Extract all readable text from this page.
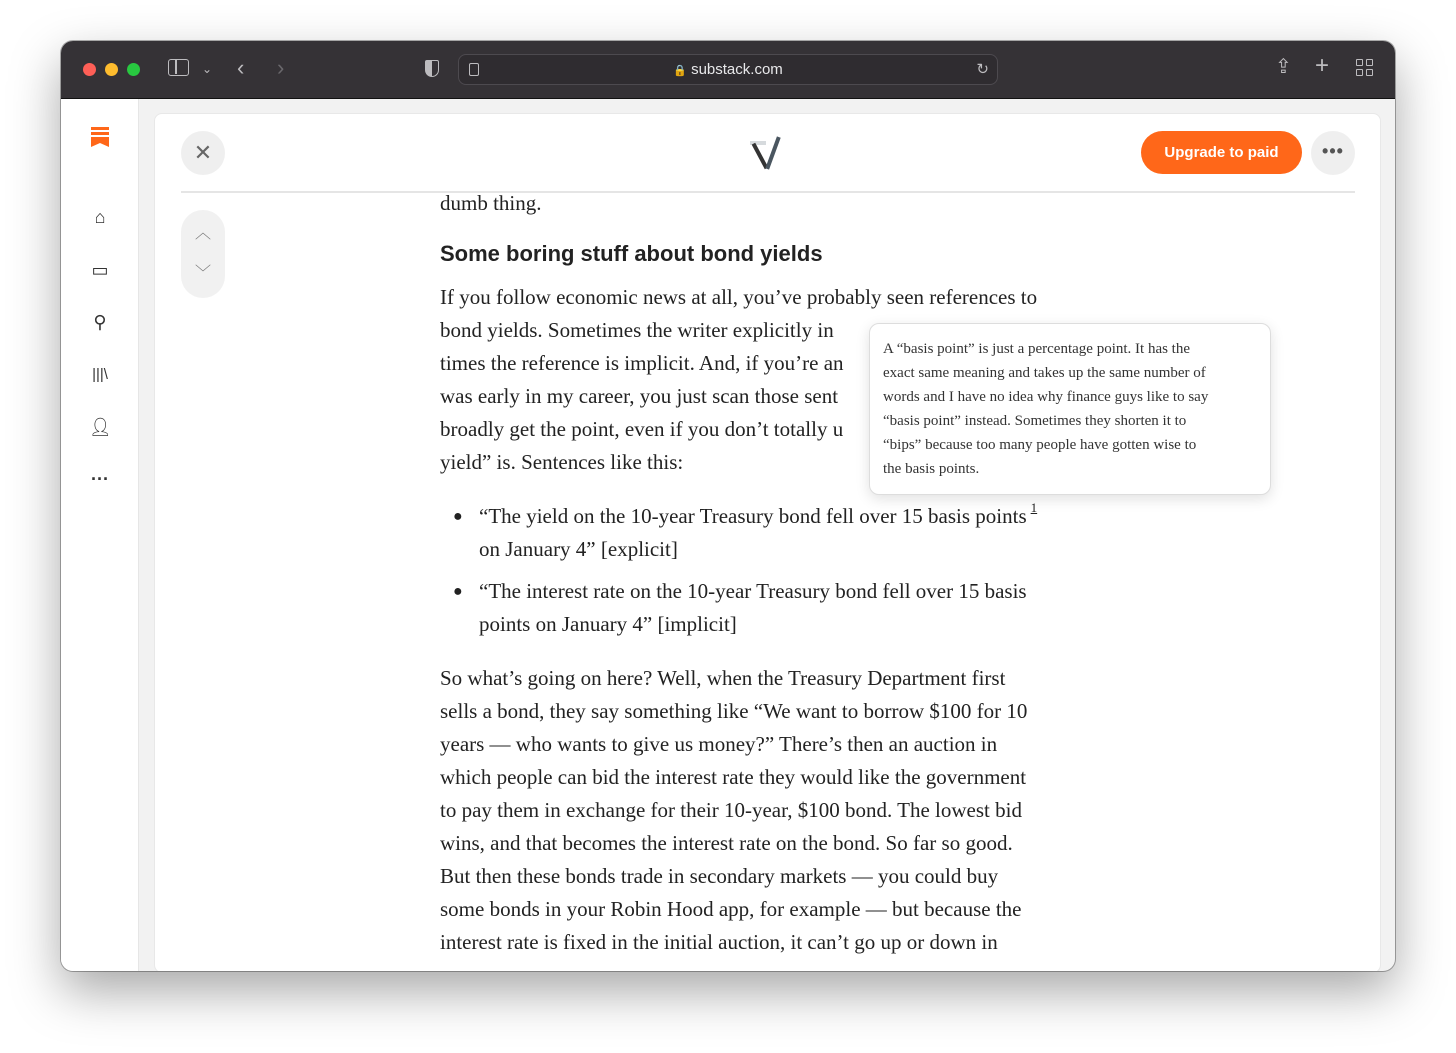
⌄ ‹ ›	🔒 substack.com	↻	⇪ +
⌂
▭
⚲
|||\
👤︎
···
✕	Upgrade to paid	•••
︿
﹀

dumb thing.

Some boring stuff about bond yields

If you follow economic news at all, you’ve probably seen references to
bond yields. Sometimes the writer explicitly in
times the reference is implicit. And, if you’re an
was early in my career, you just scan those sent
broadly get the point, even if you don’t totally u
yield” is. Sentences like this:

● “The yield on the 10-year Treasury bond fell over 15 basis points $^1$
on January 4” [explicit]
● “The interest rate on the 10-year Treasury bond fell over 15 basis
points on January 4” [implicit]

So what’s going on here? Well, when the Treasury Department first
sells a bond, they say something like “We want to borrow $100 for 10
years — who wants to give us money?” There’s then an auction in
which people can bid the interest rate they would like the government
to pay them in exchange for their 10-year, $100 bond. The lowest bid
wins, and that becomes the interest rate on the bond. So far so good.
But then these bonds trade in secondary markets — you could buy
some bonds in your Robin Hood app, for example — but because the
interest rate is fixed in the initial auction, it can’t go up or down in

A “basis point” is just a percentage point. It has the
exact same meaning and takes up the same number of
words and I have no idea why finance guys like to say
“basis point” instead. Sometimes they shorten it to
“bips” because too many people have gotten wise to
the basis points.
